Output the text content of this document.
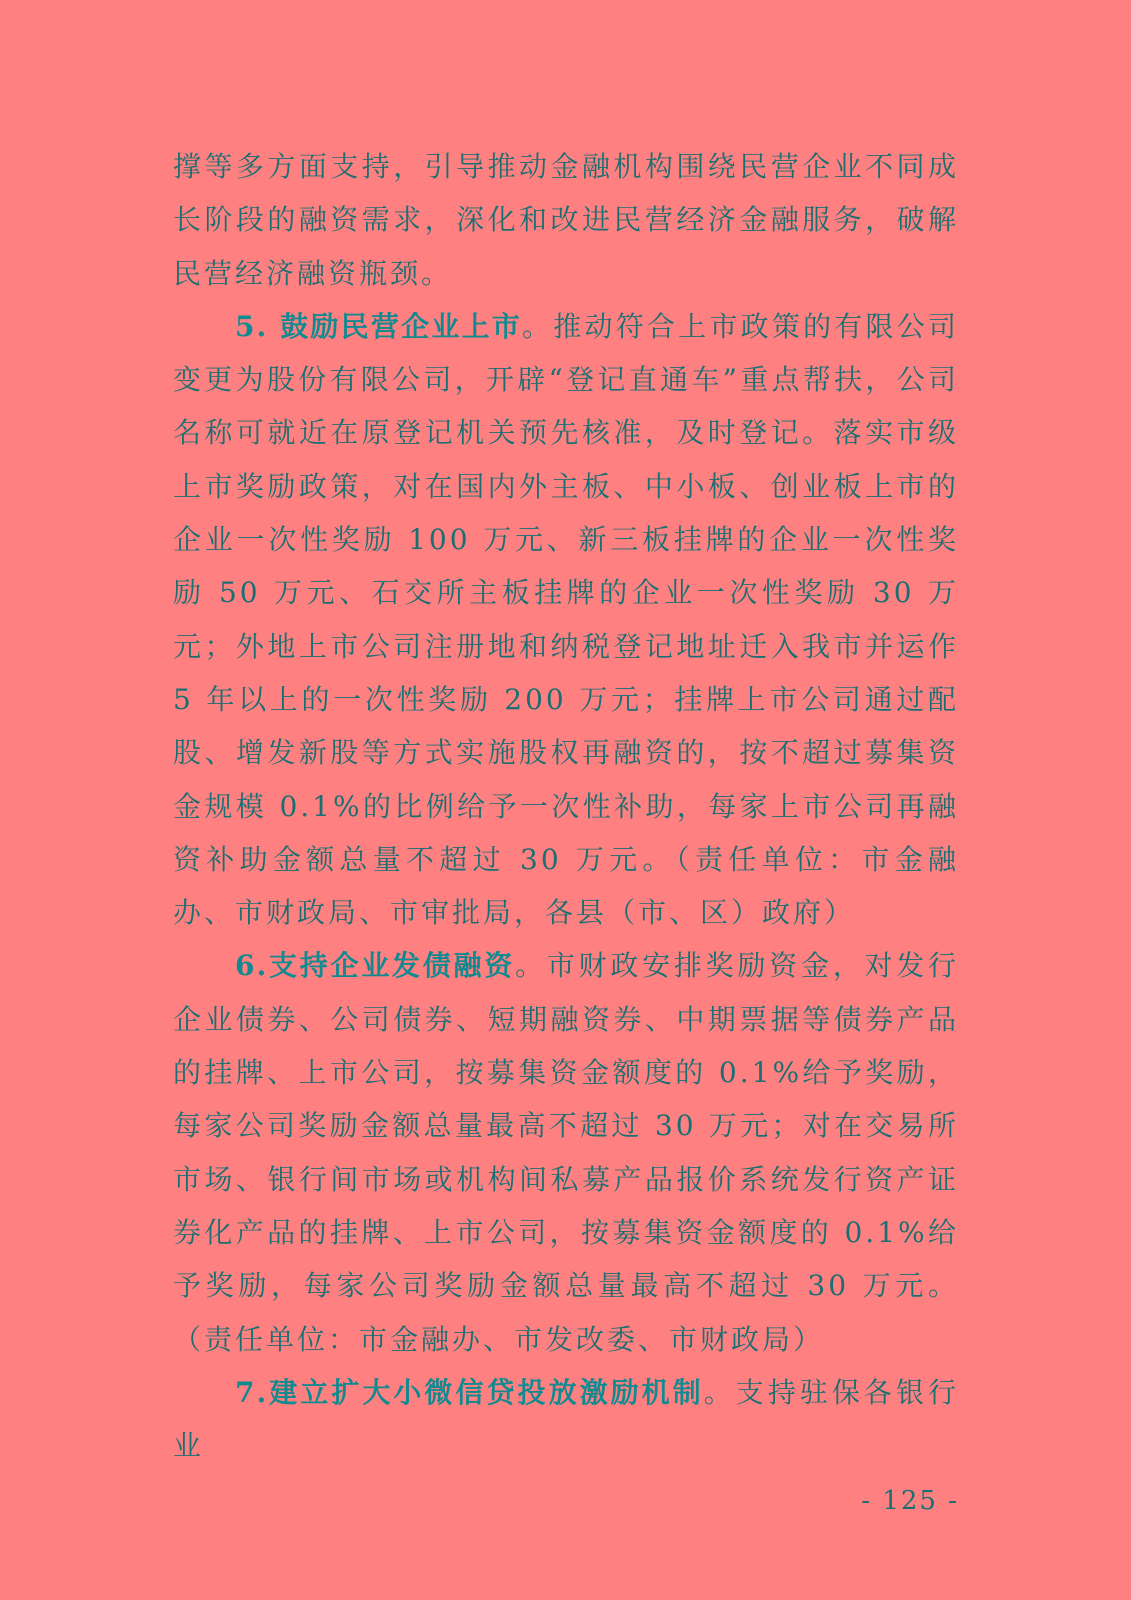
撑等多方面支持，引导推动金融机构围绕民营企业不同成长阶段的融资需求，深化和改进民营经济金融服务，破解民营经济融资瓶颈。

5. 鼓励民营企业上市。推动符合上市政策的有限公司变更为股份有限公司，开辟“登记直通车”重点帮扶，公司名称可就近在原登记机关预先核准，及时登记。落实市级上市奖励政策，对在国内外主板、中小板、创业板上市的企业一次性奖励 100 万元、新三板挂牌的企业一次性奖励 50 万元、石交所主板挂牌的企业一次性奖励 30 万元；外地上市公司注册地和纳税登记地址迁入我市并运作 5 年以上的一次性奖励 200 万元；挂牌上市公司通过配股、增发新股等方式实施股权再融资的，按不超过募集资金规模 0.1%的比例给予一次性补助，每家上市公司再融资补助金额总量不超过 30 万元。（责任单位：市金融办、市财政局、市审批局，各县（市、区）政府）

6.支持企业发债融资。市财政安排奖励资金，对发行企业债券、公司债券、短期融资券、中期票据等债券产品的挂牌、上市公司，按募集资金额度的 0.1%给予奖励，每家公司奖励金额总量最高不超过 30 万元；对在交易所市场、银行间市场或机构间私募产品报价系统发行资产证券化产品的挂牌、上市公司，按募集资金额度的 0.1%给予奖励，每家公司奖励金额总量最高不超过 30 万元。（责任单位：市金融办、市发改委、市财政局）

7.建立扩大小微信贷投放激励机制。支持驻保各银行业

- 125 -
